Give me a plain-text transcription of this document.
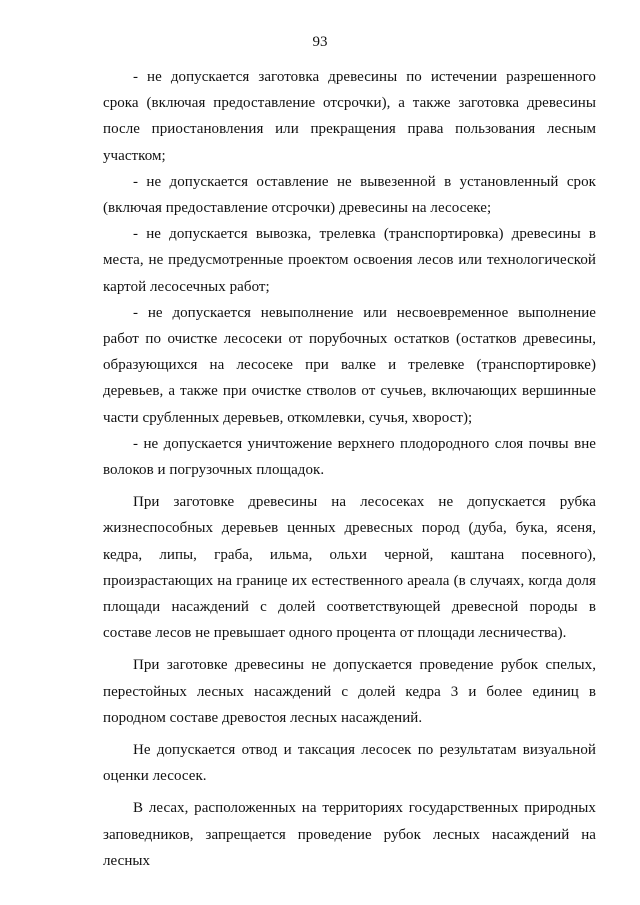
93

- не допускается заготовка древесины по истечении разрешенного срока (включая предоставление отсрочки), а также заготовка древесины после приостановления или прекращения права пользования лесным участком;

- не допускается оставление не вывезенной в установленный срок (включая предоставление отсрочки) древесины на лесосеке;

- не допускается вывозка, трелевка (транспортировка) древесины в места, не предусмотренные проектом освоения лесов или технологической картой лесосечных работ;

- не допускается невыполнение или несвоевременное выполнение работ по очистке лесосеки от порубочных остатков (остатков древесины, образующихся на лесосеке при валке и трелевке (транспортировке) деревьев, а также при очистке стволов от сучьев, включающих вершинные части срубленных деревьев, откомлевки, сучья, хворост);

- не допускается уничтожение верхнего плодородного слоя почвы вне волоков и погрузочных площадок.

При заготовке древесины на лесосеках не допускается рубка жизнеспособных деревьев ценных древесных пород (дуба, бука, ясеня, кедра, липы, граба, ильма, ольхи черной, каштана посевного), произрастающих на границе их естественного ареала (в случаях, когда доля площади насаждений с долей соответствующей древесной породы в составе лесов не превышает одного процента от площади лесничества).

При заготовке древесины не допускается проведение рубок спелых, перестойных лесных насаждений с долей кедра 3 и более единиц в породном составе древостоя лесных насаждений.

Не допускается отвод и таксация лесосек по результатам визуальной оценки лесосек.

В лесах, расположенных на территориях государственных природных заповедников, запрещается проведение рубок лесных насаждений на лесных
